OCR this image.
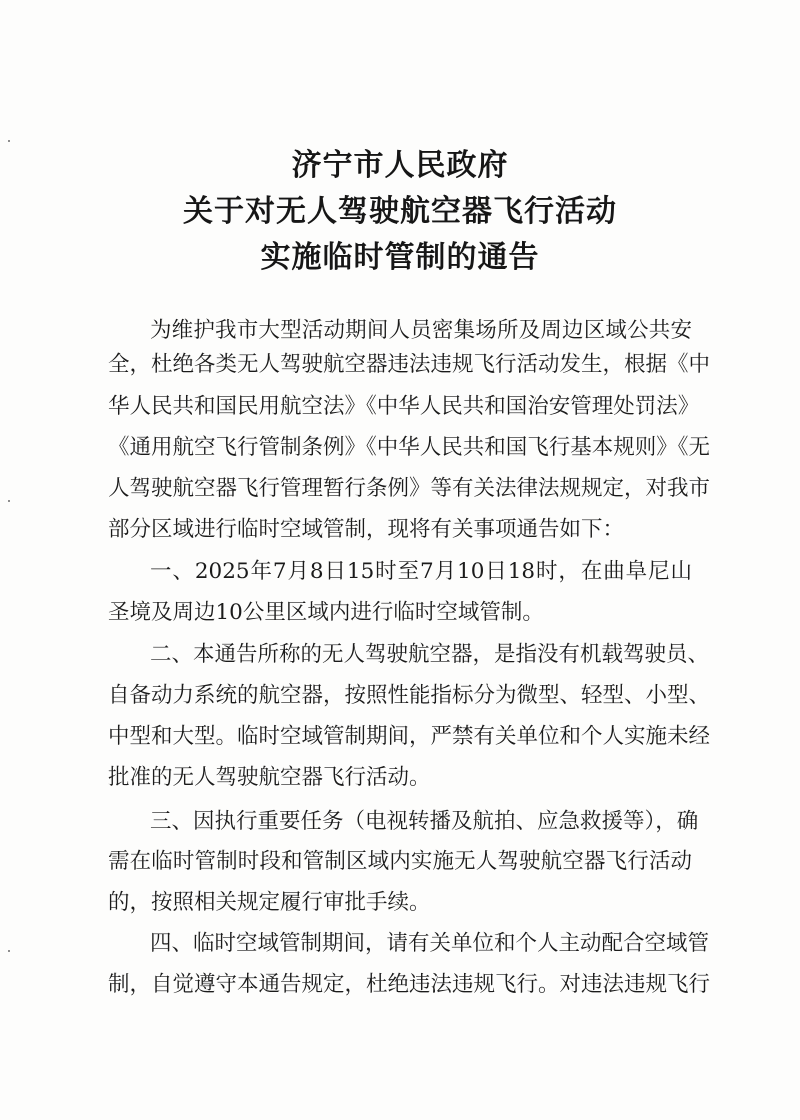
济宁市人民政府
关于对无人驾驶航空器飞行活动
实施临时管制的通告
为维护我市大型活动期间人员密集场所及周边区域公共安
全，杜绝各类无人驾驶航空器违法违规飞行活动发生，根据《中
华人民共和国民用航空法》《中华人民共和国治安管理处罚法》
《通用航空飞行管制条例》《中华人民共和国飞行基本规则》《无
人驾驶航空器飞行管理暂行条例》等有关法律法规规定，对我市
部分区域进行临时空域管制，现将有关事项通告如下：
一、2025年7月8日15时至7月10日18时，在曲阜尼山
圣境及周边10公里区域内进行临时空域管制。
二、本通告所称的无人驾驶航空器，是指没有机载驾驶员、
自备动力系统的航空器，按照性能指标分为微型、轻型、小型、
中型和大型。临时空域管制期间，严禁有关单位和个人实施未经
批准的无人驾驶航空器飞行活动。
三、因执行重要任务（电视转播及航拍、应急救援等），确
需在临时管制时段和管制区域内实施无人驾驶航空器飞行活动
的，按照相关规定履行审批手续。
四、临时空域管制期间，请有关单位和个人主动配合空域管
制，自觉遵守本通告规定，杜绝违法违规飞行。对违法违规飞行
